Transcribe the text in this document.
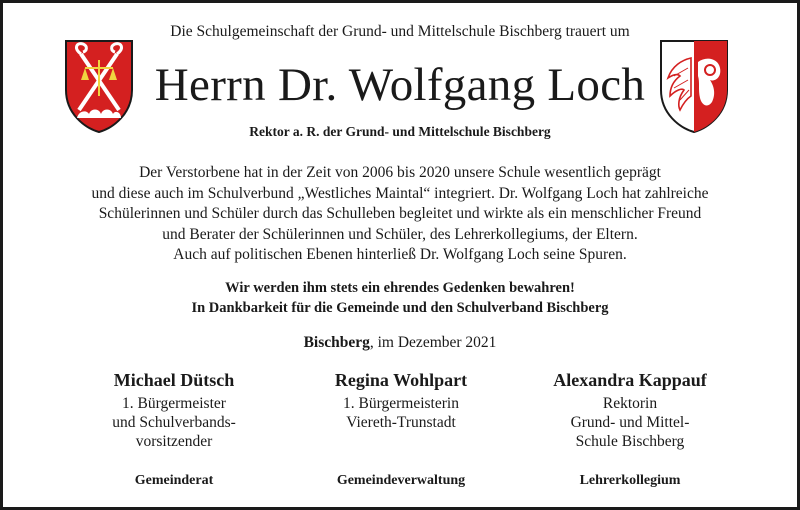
Die Schulgemeinschaft der Grund- und Mittelschule Bischberg trauert um
Herrn Dr. Wolfgang Loch
Rektor a. R. der Grund- und Mittelschule Bischberg
Der Verstorbene hat in der Zeit von 2006 bis 2020 unsere Schule wesentlich geprägt
und diese auch im Schulverbund „Westliches Maintal“ integriert. Dr. Wolfgang Loch hat zahlreiche
Schülerinnen und Schüler durch das Schulleben begleitet und wirkte als ein menschlicher Freund
und Berater der Schülerinnen und Schüler, des Lehrerkollegiums, der Eltern.
Auch auf politischen Ebenen hinterließ Dr. Wolfgang Loch seine Spuren.
Wir werden ihm stets ein ehrendes Gedenken bewahren!
In Dankbarkeit für die Gemeinde und den Schulverband Bischberg
Bischberg, im Dezember 2021
Michael Dütsch
1. Bürgermeister
und Schulverbands-
vorsitzender
Regina Wohlpart
1. Bürgermeisterin
Viereth-Trunstadt
Alexandra Kappauf
Rektorin
Grund- und Mittel-
Schule Bischberg
Gemeinderat	Gemeindeverwaltung	Lehrerkollegium
